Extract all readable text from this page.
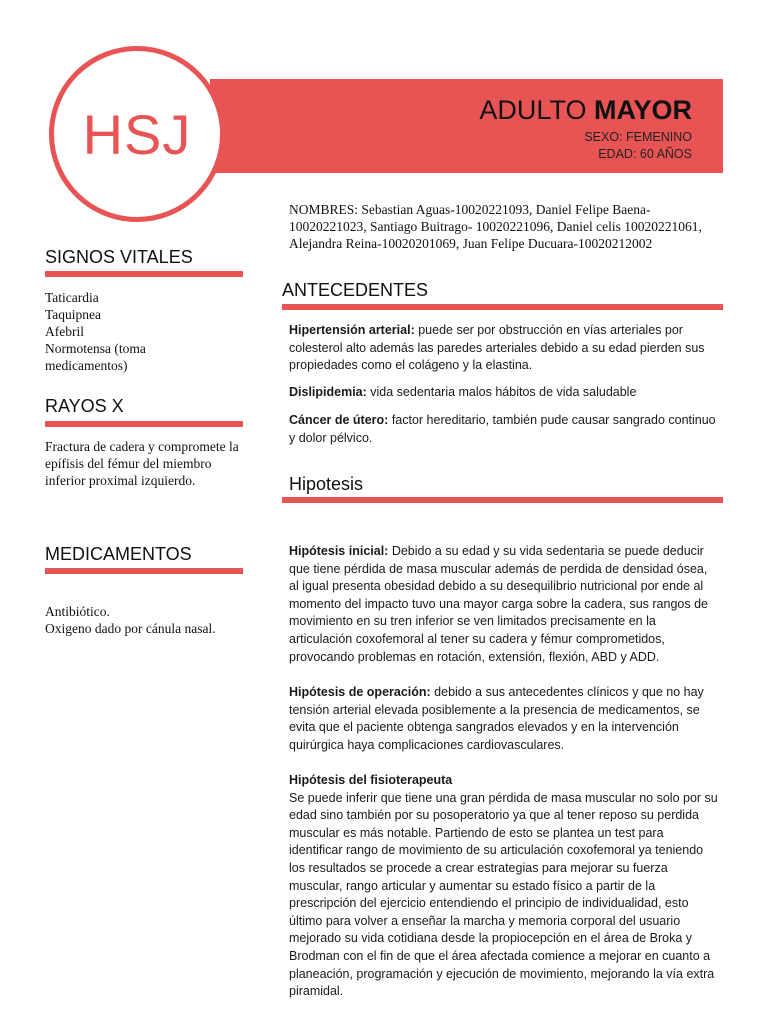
HSJ	ADULTO MAYOR
SEXO: FEMENINO
EDAD: 60 AÑOS
NOMBRES: Sebastian Aguas-10020221093, Daniel Felipe Baena-10020221023, Santiago Buitrago- 10020221096, Daniel celis 10020221061, Alejandra Reina-10020201069, Juan Felipe Ducuara-10020212002
SIGNOS VITALES
Taticardia
Taquipnea
Afebril
Normotensa (toma medicamentos)
RAYOS X
Fractura de cadera y compromete la epífisis del fémur del miembro inferior proximal izquierdo.
MEDICAMENTOS
Antibiótico.
Oxigeno dado por cánula nasal.
ANTECEDENTES
Hipertensión arterial: puede ser por obstrucción en vías arteriales por colesterol alto además las paredes arteriales debido a su edad pierden sus propiedades como el colágeno y la elastina.
Dislipidemia: vida sedentaria malos hábitos de vida saludable
Cáncer de útero: factor hereditario, también pude causar sangrado continuo y dolor pélvico.
Hipotesis
Hipótesis inicial: Debido a su edad y su vida sedentaria se puede deducir que tiene pérdida de masa muscular además de perdida de densidad ósea, al igual presenta obesidad debido a su desequilibrio nutricional por ende al momento del impacto tuvo una mayor carga sobre la cadera, sus rangos de movimiento en su tren inferior se ven limitados precisamente en la articulación coxofemoral al tener su cadera y fémur comprometidos, provocando problemas en rotación, extensión, flexión, ABD y ADD.
Hipótesis de operación: debido a sus antecedentes clínicos y que no hay tensión arterial elevada posiblemente a la presencia de medicamentos, se evita que el paciente obtenga sangrados elevados y en la intervención quirúrgica haya complicaciones cardiovasculares.
Hipótesis del fisioterapeuta
Se puede inferir que tiene una gran pérdida de masa muscular no solo por su edad sino también por su posoperatorio ya que al tener reposo su perdida muscular es más notable. Partiendo de esto se plantea un test para identificar rango de movimiento de su articulación coxofemoral ya teniendo los resultados se procede a crear estrategias para mejorar su fuerza muscular, rango articular y aumentar su estado físico a partir de la prescripción del ejercicio entendiendo el principio de individualidad, esto último para volver a enseñar la marcha y memoria corporal del usuario mejorado su vida cotidiana desde la propiocepción en el área de Broka y Brodman con el fin de que el área afectada comience a mejorar en cuanto a planeación, programación y ejecución de movimiento, mejorando la vía extra piramidal.
